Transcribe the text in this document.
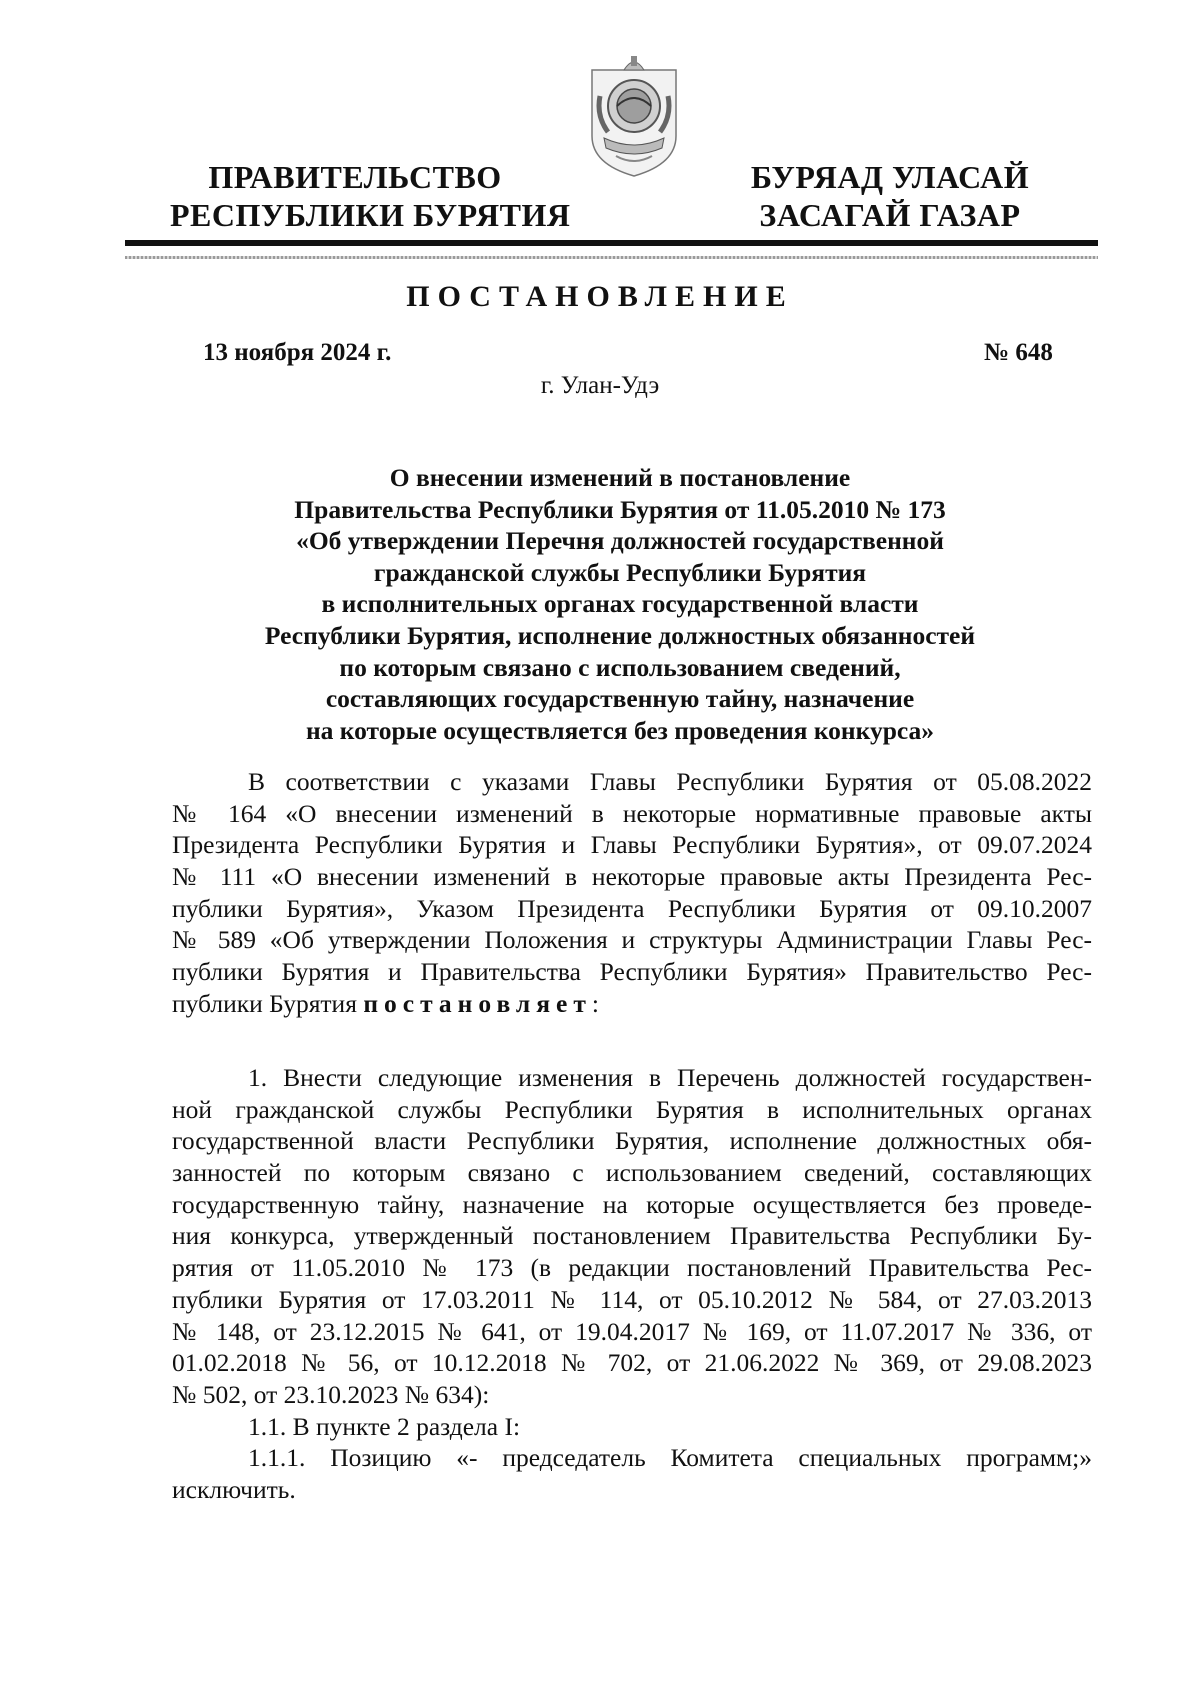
ПРАВИТЕЛЬСТВО
РЕСПУБЛИКИ БУРЯТИЯ
БУРЯАД УЛАСАЙ
ЗАСАГАЙ ГАЗАР
ПОСТАНОВЛЕНИЕ
13 ноября 2024 г.	№ 648
г. Улан-Удэ
О внесении изменений в постановление
Правительства Республики Бурятия от 11.05.2010 № 173
«Об утверждении Перечня должностей государственной
гражданской службы Республики Бурятия
в исполнительных органах государственной власти
Республики Бурятия, исполнение должностных обязанностей
по которым связано с использованием сведений,
составляющих государственную тайну, назначение
на которые осуществляется без проведения конкурса»
В соответствии с указами Главы Республики Бурятия от 05.08.2022
№ 164 «О внесении изменений в некоторые нормативные правовые акты
Президента Республики Бурятия и Главы Республики Бурятия», от 09.07.2024
№ 111 «О внесении изменений в некоторые правовые акты Президента Рес-
публики Бурятия», Указом Президента Республики Бурятия от 09.10.2007
№ 589 «Об утверждении Положения и структуры Администрации Главы Рес-
публики Бурятия и Правительства Республики Бурятия» Правительство Рес-
публики Бурятия постановляет:
1. Внести следующие изменения в Перечень должностей государствен-
ной гражданской службы Республики Бурятия в исполнительных органах
государственной власти Республики Бурятия, исполнение должностных обя-
занностей по которым связано с использованием сведений, составляющих
государственную тайну, назначение на которые осуществляется без проведе-
ния конкурса, утвержденный постановлением Правительства Республики Бу-
рятия от 11.05.2010 № 173 (в редакции постановлений Правительства Рес-
публики Бурятия от 17.03.2011 № 114, от 05.10.2012 № 584, от 27.03.2013
№ 148, от 23.12.2015 № 641, от 19.04.2017 № 169, от 11.07.2017 № 336, от
01.02.2018 № 56, от 10.12.2018 № 702, от 21.06.2022 № 369, от 29.08.2023
№ 502, от 23.10.2023 № 634):
1.1. В пункте 2 раздела I:
1.1.1. Позицию «- председатель Комитета специальных программ;»
исключить.
